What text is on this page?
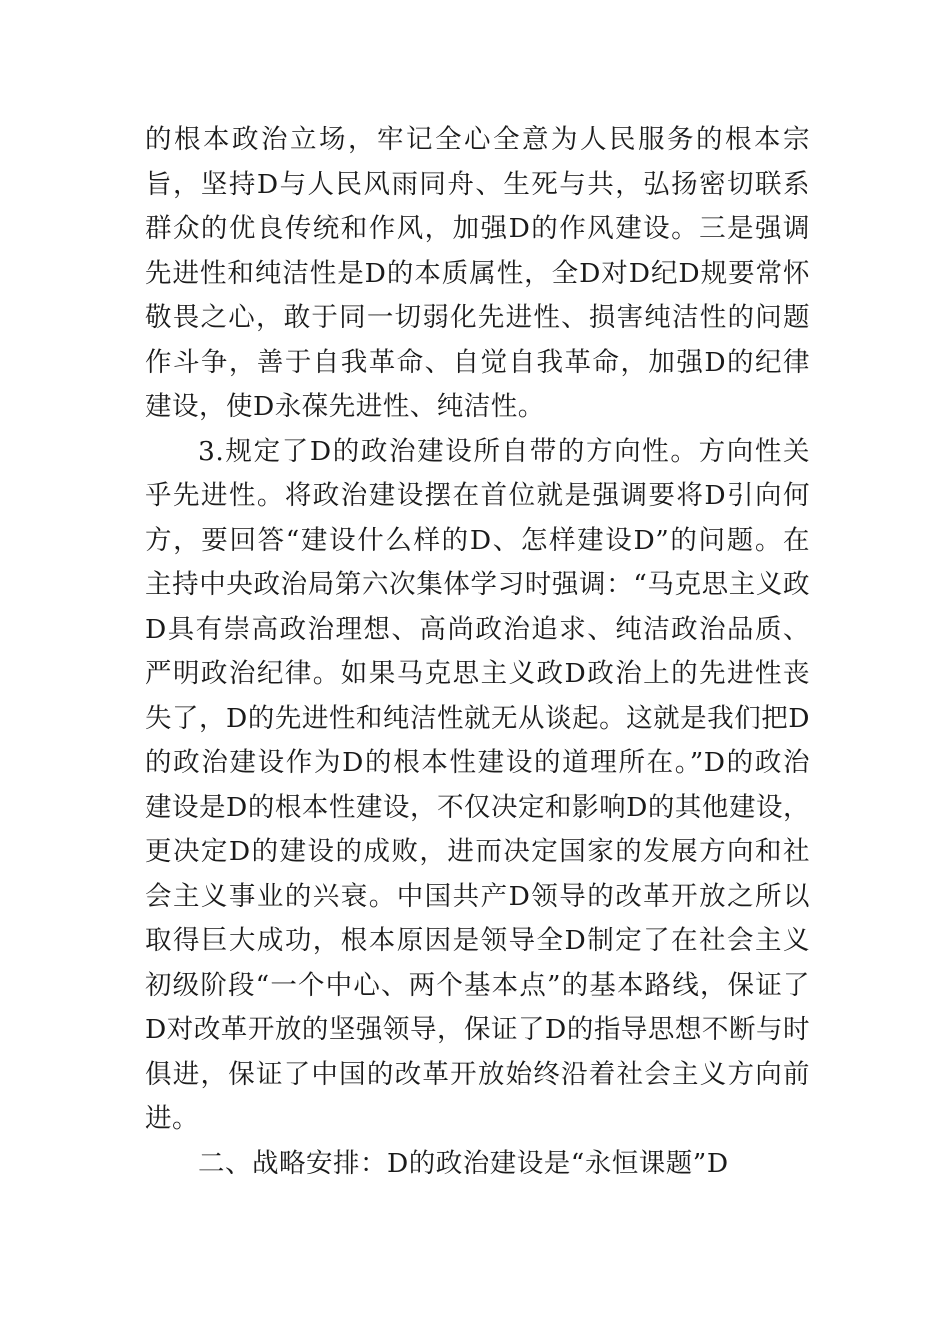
的根本政治立场，牢记全心全意为人民服务的根本宗旨，坚持D与人民风雨同舟、生死与共，弘扬密切联系群众的优良传统和作风，加强D的作风建设。三是强调先进性和纯洁性是D的本质属性，全D对D纪D规要常怀敬畏之心，敢于同一切弱化先进性、损害纯洁性的问题作斗争，善于自我革命、自觉自我革命，加强D的纪律建设，使D永葆先进性、纯洁性。

3.规定了D的政治建设所自带的方向性。方向性关乎先进性。将政治建设摆在首位就是强调要将D引向何方，要回答“建设什么样的D、怎样建设D”的问题。在主持中央政治局第六次集体学习时强调：“马克思主义政D具有崇高政治理想、高尚政治追求、纯洁政治品质、严明政治纪律。如果马克思主义政D政治上的先进性丧失了，D的先进性和纯洁性就无从谈起。这就是我们把D的政治建设作为D的根本性建设的道理所在。”D的政治建设是D的根本性建设，不仅决定和影响D的其他建设，更决定D的建设的成败，进而决定国家的发展方向和社会主义事业的兴衰。中国共产D领导的改革开放之所以取得巨大成功，根本原因是领导全D制定了在社会主义初级阶段“一个中心、两个基本点”的基本路线，保证了D对改革开放的坚强领导，保证了D的指导思想不断与时俱进，保证了中国的改革开放始终沿着社会主义方向前进。

二、战略安排：D的政治建设是“永恒课题”D
